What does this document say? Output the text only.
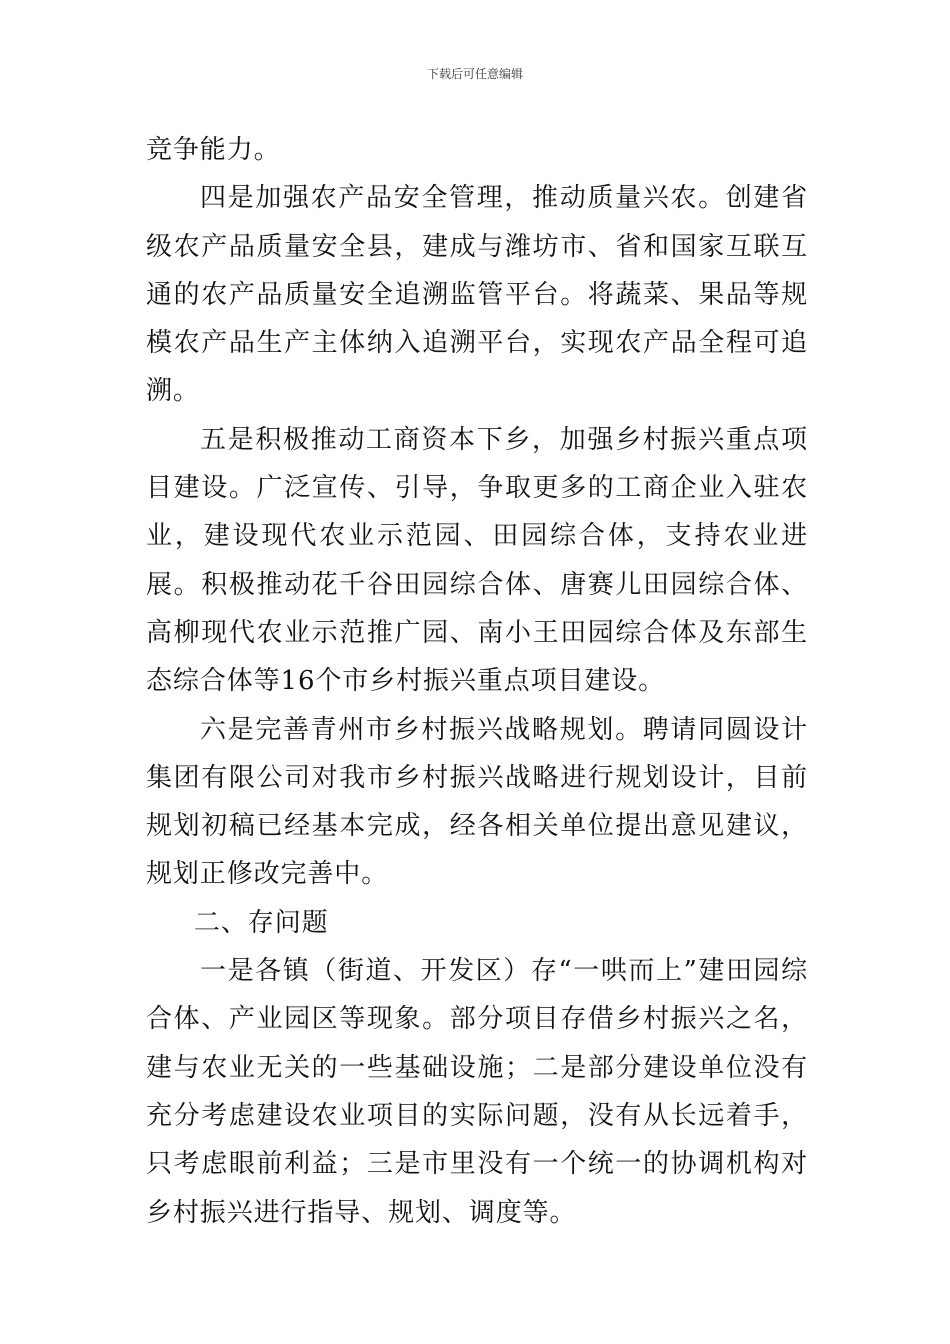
下载后可任意编辑

竞争能力。

四是加强农产品安全管理，推动质量兴农。创建省级农产品质量安全县，建成与潍坊市、省和国家互联互通的农产品质量安全追溯监管平台。将蔬菜、果品等规模农产品生产主体纳入追溯平台，实现农产品全程可追溯。

五是积极推动工商资本下乡，加强乡村振兴重点项目建设。广泛宣传、引导，争取更多的工商企业入驻农业，建设现代农业示范园、田园综合体，支持农业进展。积极推动花千谷田园综合体、唐赛儿田园综合体、高柳现代农业示范推广园、南小王田园综合体及东部生态综合体等16个市乡村振兴重点项目建设。

六是完善青州市乡村振兴战略规划。聘请同圆设计集团有限公司对我市乡村振兴战略进行规划设计，目前规划初稿已经基本完成，经各相关单位提出意见建议，规划正修改完善中。

二、存问题

一是各镇（街道、开发区）存“一哄而上”建田园综合体、产业园区等现象。部分项目存借乡村振兴之名，建与农业无关的一些基础设施；二是部分建设单位没有充分考虑建设农业项目的实际问题，没有从长远着手，只考虑眼前利益；三是市里没有一个统一的协调机构对乡村振兴进行指导、规划、调度等。
